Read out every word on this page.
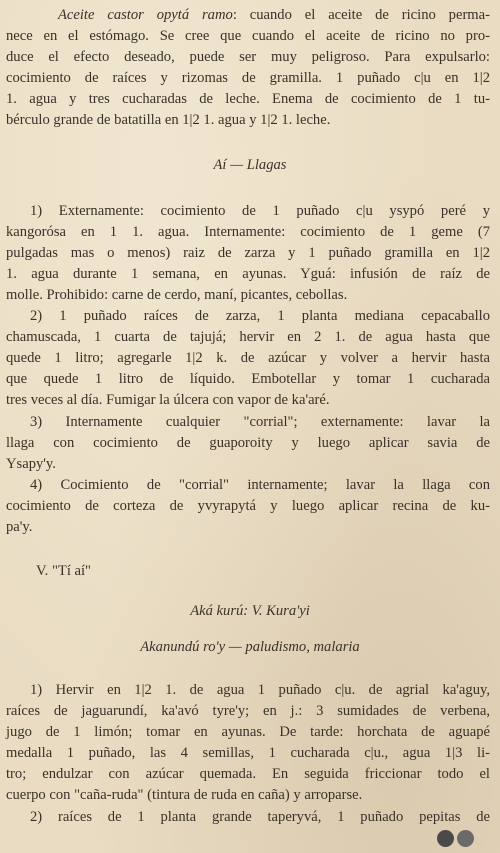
Aceite castor opytá ramo: cuando el aceite de ricino perma-
nece en el estómago. Se cree que cuando el aceite de ricino no pro-
duce el efecto deseado, puede ser muy peligroso. Para expulsarlo:
cocimiento de raíces y rizomas de gramilla. 1 puñado c|u en 1|2
1. agua y tres cucharadas de leche. Enema de cocimiento de 1 tu-
bérculo grande de batatilla en 1|2 1. agua y 1|2 1. leche.
Aí — Llagas
1) Externamente: cocimiento de 1 puñado c|u ysypó peré y
kangorósa en 1 1. agua. Internamente: cocimiento de 1 geme (7
pulgadas mas o menos) raiz de zarza y 1 puñado gramilla en 1|2
1. agua durante 1 semana, en ayunas. Yguá: infusión de raíz de
molle. Prohibido: carne de cerdo, maní, picantes, cebollas.
2) 1 puñado raíces de zarza, 1 planta mediana cepacaballo
chamuscada, 1 cuarta de tajujá; hervir en 2 1. de agua hasta que
quede 1 litro; agregarle 1|2 k. de azúcar y volver a hervir hasta
que quede 1 litro de líquido. Embotellar y tomar 1 cucharada
tres veces al día. Fumigar la úlcera con vapor de ka'aré.
3) Internamente cualquier "corrial"; externamente: lavar la
llaga con cocimiento de guaporoity y luego aplicar savia de
Ysapy'y.
4) Cocimiento de "corrial" internamente; lavar la llaga con
cocimiento de corteza de yvyrapytá y luego aplicar recina de ku-
pa'y.
V. "Tí aí"
Aká kurú: V. Kura'yi
Akanundú ro'y — paludismo, malaria
1) Hervir en 1|2 1. de agua 1 puñado c|u. de agrial ka'aguy,
raíces de jaguarundí, ka'avó tyre'y; en j.: 3 sumidades de verbena,
jugo de 1 limón; tomar en ayunas. De tarde: horchata de aguapé
medalla 1 puñado, las 4 semillas, 1 cucharada c|u., agua 1|3 li-
tro; endulzar con azúcar quemada. En seguida friccionar todo el
cuerpo con "caña-ruda" (tintura de ruda en caña) y arroparse.
2) raíces de 1 planta grande taperyvá, 1 puñado pepitas de
